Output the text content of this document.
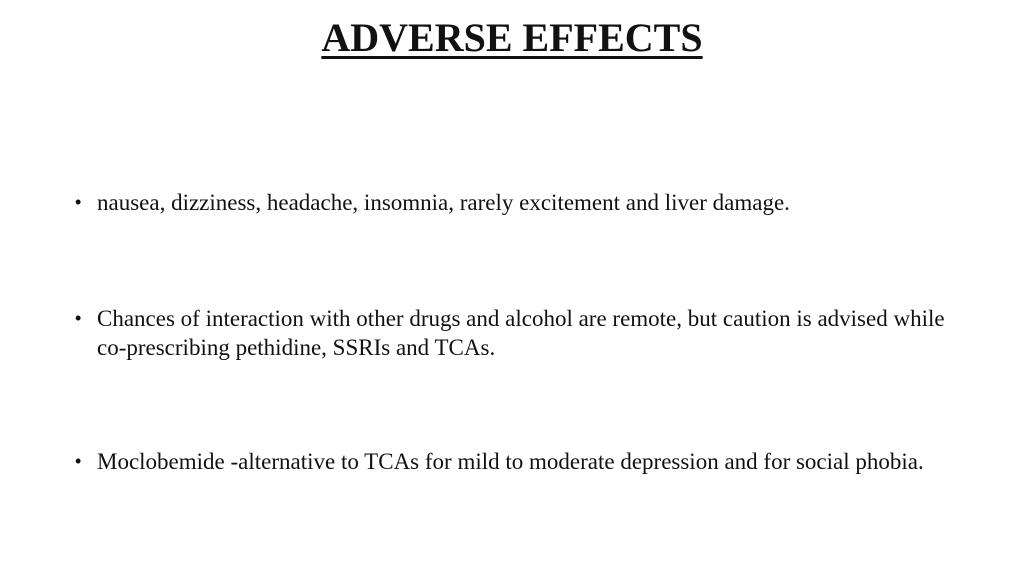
ADVERSE EFFECTS
• nausea, dizziness, headache, insomnia, rarely excitement and liver damage.
• Chances of interaction with other drugs and alcohol are remote, but caution is advised while co-prescribing pethidine, SSRIs and TCAs.
• Moclobemide -alternative to TCAs for mild to moderate depression and for social phobia.
